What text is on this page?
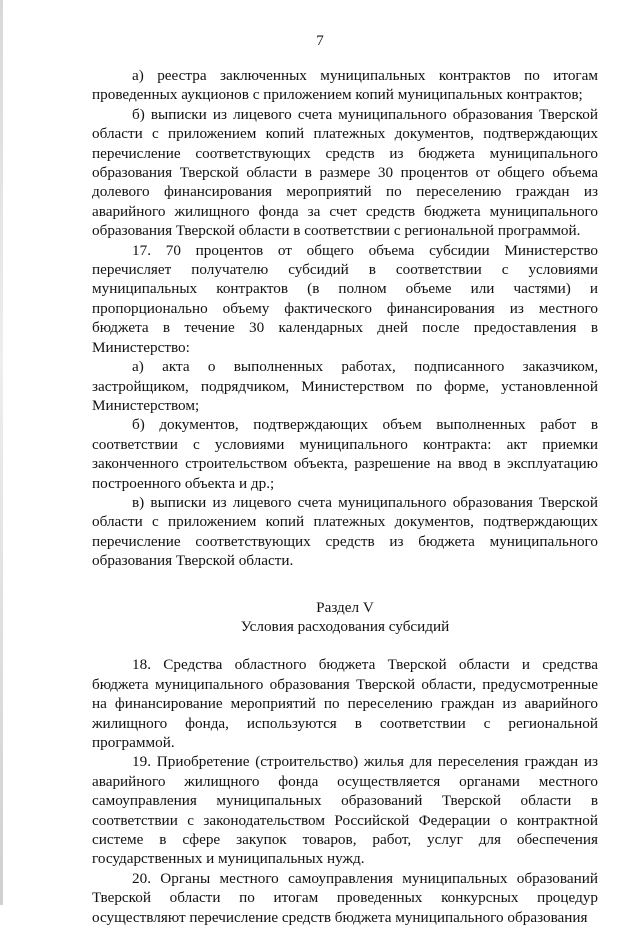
7

а) реестра заключенных муниципальных контрактов по итогам проведенных аукционов с приложением копий муниципальных контрактов;

б) выписки из лицевого счета муниципального образования Тверской области с приложением копий платежных документов, подтверждающих перечисление соответствующих средств из бюджета муниципального образования Тверской области в размере 30 процентов от общего объема долевого финансирования мероприятий по переселению граждан из аварийного жилищного фонда за счет средств бюджета муниципального образования Тверской области в соответствии с региональной программой.

17. 70 процентов от общего объема субсидии Министерство перечисляет получателю субсидий в соответствии с условиями муниципальных контрактов (в полном объеме или частями) и пропорционально объему фактического финансирования из местного бюджета в течение 30 календарных дней после предоставления в Министерство:

а) акта о выполненных работах, подписанного заказчиком, застройщиком, подрядчиком, Министерством по форме, установленной Министерством;

б) документов, подтверждающих объем выполненных работ в соответствии с условиями муниципального контракта: акт приемки законченного строительством объекта, разрешение на ввод в эксплуатацию построенного объекта и др.;

в) выписки из лицевого счета муниципального образования Тверской области с приложением копий платежных документов, подтверждающих перечисление соответствующих средств из бюджета муниципального образования Тверской области.

Раздел V
Условия расходования субсидий

18. Средства областного бюджета Тверской области и средства бюджета муниципального образования Тверской области, предусмотренные на финансирование мероприятий по переселению граждан из аварийного жилищного фонда, используются в соответствии с региональной программой.

19. Приобретение (строительство) жилья для переселения граждан из аварийного жилищного фонда осуществляется органами местного самоуправления муниципальных образований Тверской области в соответствии с законодательством Российской Федерации о контрактной системе в сфере закупок товаров, работ, услуг для обеспечения государственных и муниципальных нужд.

20. Органы местного самоуправления муниципальных образований Тверской области по итогам проведенных конкурсных процедур осуществляют перечисление средств бюджета муниципального образования
